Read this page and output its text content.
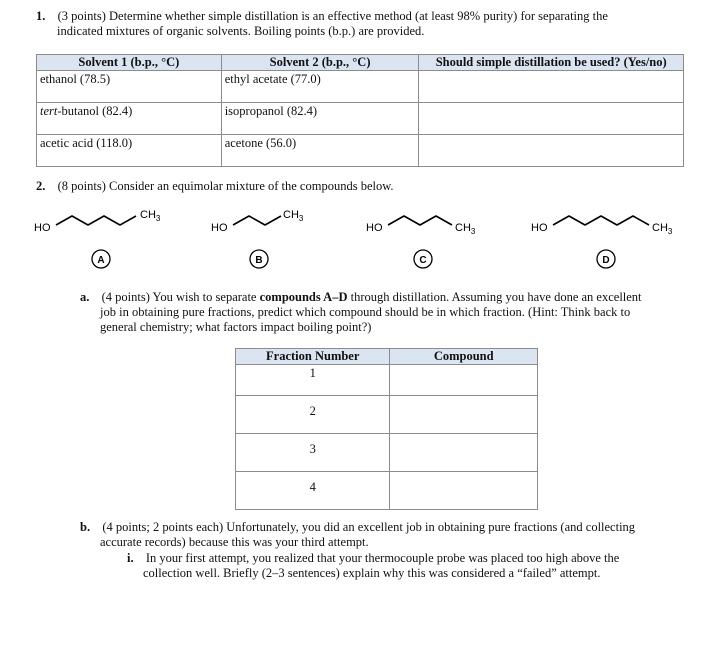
1. (3 points) Determine whether simple distillation is an effective method (at least 98% purity) for separating the
indicated mixtures of organic solvents. Boiling points (b.p.) are provided.
Solvent 1 (b.p., °C)	Solvent 2 (b.p., °C)	Should simple distillation be used? (Yes/no)
ethanol (78.5)	ethyl acetate (77.0)	
tert-butanol (82.4)	isopropanol (82.4)	
acetic acid (118.0)	acetone (56.0)	
2. (8 points) Consider an equimolar mixture of the compounds below.
HO
$CH_3$
HO
$CH_3$
HO	$CH_3$	HO	$CH_3$
A	B	C	D
a. (4 points) You wish to separate compounds A–D through distillation. Assuming you have done an excellent
job in obtaining pure fractions, predict which compound should be in which fraction. (Hint: Think back to
general chemistry; what factors impact boiling point?)
Fraction Number	Compound
1	
2	
3	
4	
b. (4 points; 2 points each) Unfortunately, you did an excellent job in obtaining pure fractions (and collecting
accurate records) because this was your third attempt.
i. In your first attempt, you realized that your thermocouple probe was placed too high above the
collection well. Briefly (2–3 sentences) explain why this was considered a “failed” attempt.
